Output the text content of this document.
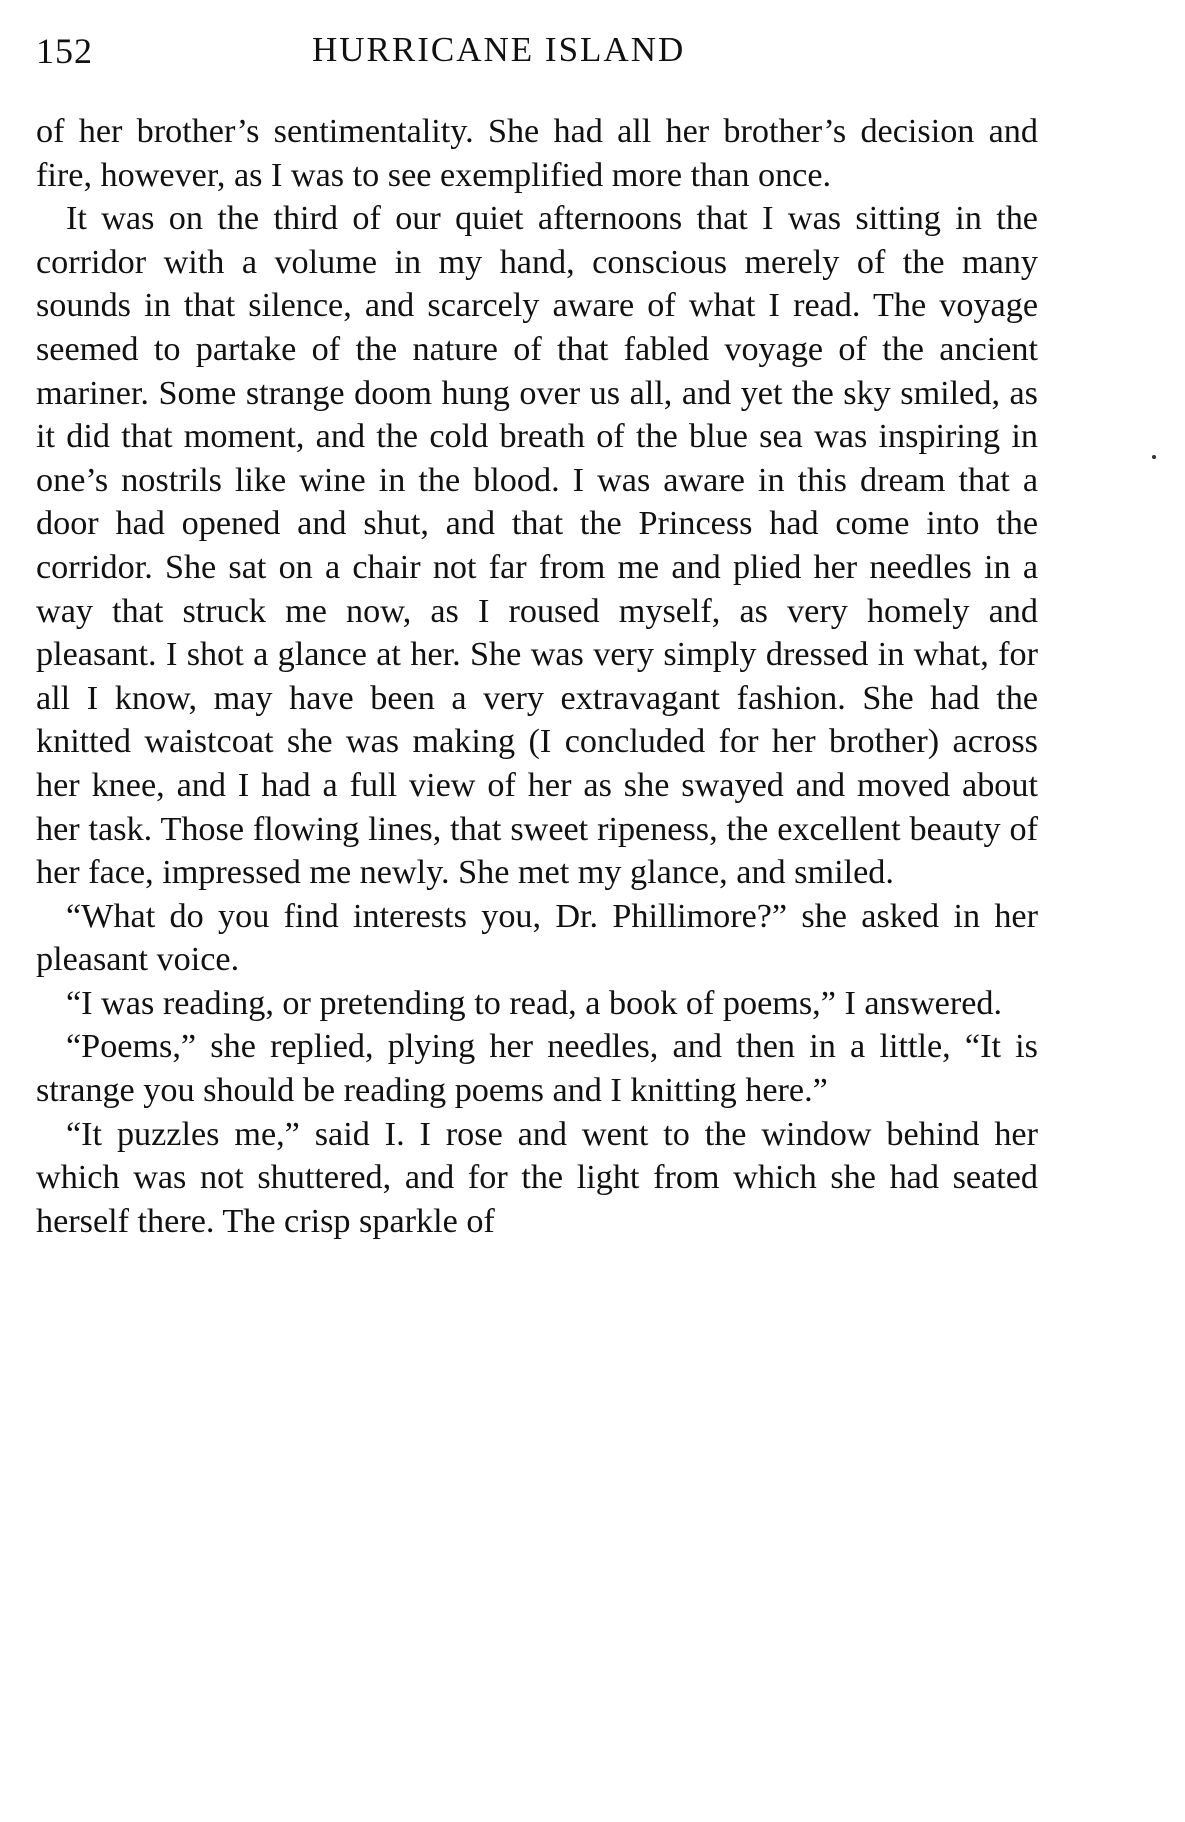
152	HURRICANE ISLAND

of her brother’s sentimentality. She had all her brother’s decision and fire, however, as I was to see exemplified more than once.

It was on the third of our quiet afternoons that I was sitting in the corridor with a volume in my hand, conscious merely of the many sounds in that silence, and scarcely aware of what I read. The voyage seemed to partake of the nature of that fabled voyage of the ancient mariner. Some strange doom hung over us all, and yet the sky smiled, as it did that moment, and the cold breath of the blue sea was inspiring in one’s nostrils like wine in the blood. I was aware in this dream that a door had opened and shut, and that the Princess had come into the corridor. She sat on a chair not far from me and plied her needles in a way that struck me now, as I roused myself, as very homely and pleasant. I shot a glance at her. She was very simply dressed in what, for all I know, may have been a very extravagant fashion. She had the knitted waistcoat she was making (I concluded for her brother) across her knee, and I had a full view of her as she swayed and moved about her task. Those flowing lines, that sweet ripeness, the excellent beauty of her face, impressed me newly. She met my glance, and smiled.

“What do you find interests you, Dr. Phillimore?” she asked in her pleasant voice.

“I was reading, or pretending to read, a book of poems,” I answered.

“Poems,” she replied, plying her needles, and then in a little, “It is strange you should be reading poems and I knitting here.”

“It puzzles me,” said I. I rose and went to the window behind her which was not shuttered, and for the light from which she had seated herself there. The crisp sparkle of
